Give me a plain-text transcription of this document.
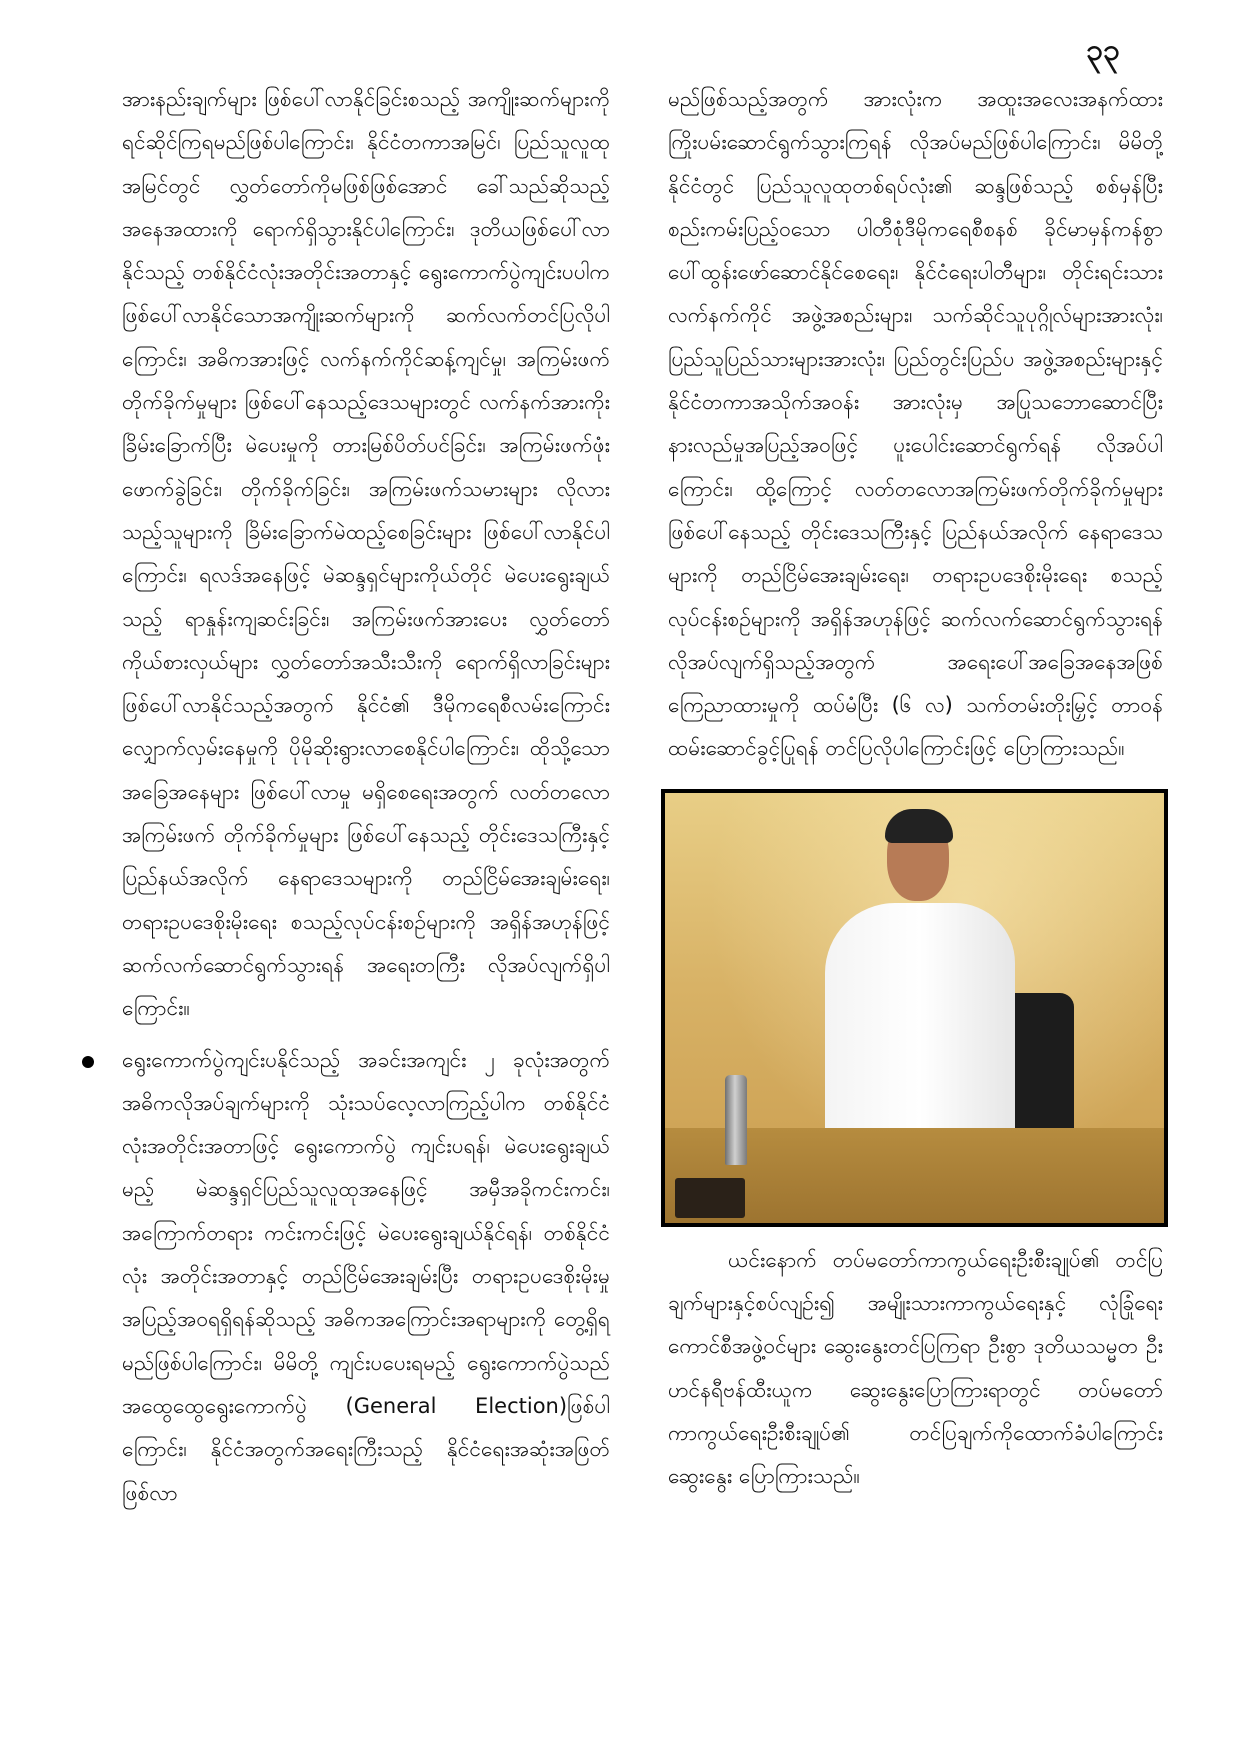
၃၃

အားနည်းချက်များ ဖြစ်ပေါ်လာနိုင်ခြင်းစသည့် အကျိုးဆက်များကို ရင်ဆိုင်ကြရမည်ဖြစ်ပါကြောင်း၊ နိုင်ငံတကာအမြင်၊ ပြည်သူလူထုအမြင်တွင် လွှတ်တော်ကိုမဖြစ်ဖြစ်အောင် ခေါ်သည်ဆိုသည့်အနေအထားကို ရောက်ရှိသွားနိုင်ပါကြောင်း၊ ဒုတိယဖြစ်ပေါ်လာနိုင်သည့် တစ်နိုင်ငံလုံးအတိုင်းအတာနှင့် ရွေးကောက်ပွဲကျင်းပပါက ဖြစ်ပေါ်လာနိုင်သောအကျိုးဆက်များကို ဆက်လက်တင်ပြလိုပါကြောင်း၊ အဓိကအားဖြင့် လက်နက်ကိုင်ဆန့်ကျင်မှု၊ အကြမ်းဖက်တိုက်ခိုက်မှုများ ဖြစ်ပေါ်နေသည့်ဒေသများတွင် လက်နက်အားကိုးခြိမ်းခြောက်ပြီး မဲပေးမှုကို တားမြစ်ပိတ်ပင်ခြင်း၊ အကြမ်းဖက်ဖုံးဖောက်ခွဲခြင်း၊ တိုက်ခိုက်ခြင်း၊ အကြမ်းဖက်သမားများ လိုလားသည့်သူများကို ခြိမ်းခြောက်မဲထည့်စေခြင်းများ ဖြစ်ပေါ်လာနိုင်ပါကြောင်း၊ ရလဒ်အနေဖြင့် မဲဆန္ဒရှင်များကိုယ်တိုင် မဲပေးရွေးချယ်သည့် ရာနှုန်းကျဆင်းခြင်း၊ အကြမ်းဖက်အားပေး လွှတ်တော်ကိုယ်စားလှယ်များ လွှတ်တော်အသီးသီးကို ရောက်ရှိလာခြင်းများ ဖြစ်ပေါ်လာနိုင်သည့်အတွက် နိုင်ငံ၏ ဒီမိုကရေစီလမ်းကြောင်း လျှောက်လှမ်းနေမှုကို ပိုမိုဆိုးရွားလာစေနိုင်ပါကြောင်း၊ ထိုသို့သောအခြေအနေများ ဖြစ်ပေါ်လာမှု မရှိစေရေးအတွက် လတ်တလောအကြမ်းဖက် တိုက်ခိုက်မှုများ ဖြစ်ပေါ်နေသည့် တိုင်းဒေသကြီးနှင့် ပြည်နယ်အလိုက် နေရာဒေသများကို တည်ငြိမ်အေးချမ်းရေး၊ တရားဥပဒေစိုးမိုးရေး စသည့်လုပ်ငန်းစဉ်များကို အရှိန်အဟုန်ဖြင့် ဆက်လက်ဆောင်ရွက်သွားရန် အရေးတကြီး လိုအပ်လျက်ရှိပါကြောင်း။

ရွေးကောက်ပွဲကျင်းပနိုင်သည့် အခင်းအကျင်း ၂ ခုလုံးအတွက် အဓိကလိုအပ်ချက်များကို သုံးသပ်လေ့လာကြည့်ပါက တစ်နိုင်ငံလုံးအတိုင်းအတာဖြင့် ရွေးကောက်ပွဲ ကျင်းပရန်၊ မဲပေးရွေးချယ်မည့် မဲဆန္ဒရှင်ပြည်သူလူထုအနေဖြင့် အမှီအခိုကင်းကင်း၊ အကြောက်တရား ကင်းကင်းဖြင့် မဲပေးရွေးချယ်နိုင်ရန်၊ တစ်နိုင်ငံလုံး အတိုင်းအတာနှင့် တည်ငြိမ်အေးချမ်းပြီး တရားဥပဒေစိုးမိုးမှု အပြည့်အဝရရှိရန်ဆိုသည့် အဓိကအကြောင်းအရာများကို တွေ့ရှိရမည်ဖြစ်ပါကြောင်း၊ မိမိတို့ ကျင်းပပေးရမည့် ရွေးကောက်ပွဲသည် အထွေထွေရွေးကောက်ပွဲ (General Election)ဖြစ်ပါကြောင်း၊ နိုင်ငံအတွက်အရေးကြီးသည့် နိုင်ငံရေးအဆုံးအဖြတ် ဖြစ်လာ

မည်ဖြစ်သည့်အတွက် အားလုံးက အထူးအလေးအနက်ထား ကြိုးပမ်းဆောင်ရွက်သွားကြရန် လိုအပ်မည်ဖြစ်ပါကြောင်း၊ မိမိတို့နိုင်ငံတွင် ပြည်သူလူထုတစ်ရပ်လုံး၏ ဆန္ဒဖြစ်သည့် စစ်မှန်ပြီး စည်းကမ်းပြည့်ဝသော ပါတီစုံဒီမိုကရေစီစနစ် ခိုင်မာမှန်ကန်စွာ ပေါ်ထွန်းဖော်ဆောင်နိုင်စေရေး၊ နိုင်ငံရေးပါတီများ၊ တိုင်းရင်းသားလက်နက်ကိုင် အဖွဲ့အစည်းများ၊ သက်ဆိုင်သူပုဂ္ဂိုလ်များအားလုံး၊ ပြည်သူပြည်သားများအားလုံး၊ ပြည်တွင်းပြည်ပ အဖွဲ့အစည်းများနှင့် နိုင်ငံတကာအသိုက်အဝန်း အားလုံးမှ အပြုသဘောဆောင်ပြီး နားလည်မှုအပြည့်အဝဖြင့် ပူးပေါင်းဆောင်ရွက်ရန် လိုအပ်ပါကြောင်း၊ ထို့ကြောင့် လတ်တလောအကြမ်းဖက်တိုက်ခိုက်မှုများ ဖြစ်ပေါ်နေသည့် တိုင်းဒေသကြီးနှင့် ပြည်နယ်အလိုက် နေရာဒေသများကို တည်ငြိမ်အေးချမ်းရေး၊ တရားဥပဒေစိုးမိုးရေး စသည့်လုပ်ငန်းစဉ်များကို အရှိန်အဟုန်ဖြင့် ဆက်လက်ဆောင်ရွက်သွားရန် လိုအပ်လျက်ရှိသည့်အတွက် အရေးပေါ်အခြေအနေအဖြစ် ကြေညာထားမှုကို ထပ်မံပြီး (၆ လ) သက်တမ်းတိုးမြှင့် တာဝန်ထမ်းဆောင်ခွင့်ပြုရန် တင်ပြလိုပါကြောင်းဖြင့် ပြောကြားသည်။

ယင်းနောက် တပ်မတော်ကာကွယ်ရေးဦးစီးချုပ်၏ တင်ပြချက်များနှင့်စပ်လျဉ်း၍ အမျိုးသားကာကွယ်ရေးနှင့် လုံခြုံရေးကောင်စီအဖွဲ့ဝင်များ ဆွေးနွေးတင်ပြကြရာ ဦးစွာ ဒုတိယသမ္မတ ဦးဟင်နရီဗန်ထီးယူက ဆွေးနွေးပြောကြားရာတွင် တပ်မတော်ကာကွယ်ရေးဦးစီးချုပ်၏ တင်ပြချက်ကိုထောက်ခံပါကြောင်းဆွေးနွေး ပြောကြားသည်။
